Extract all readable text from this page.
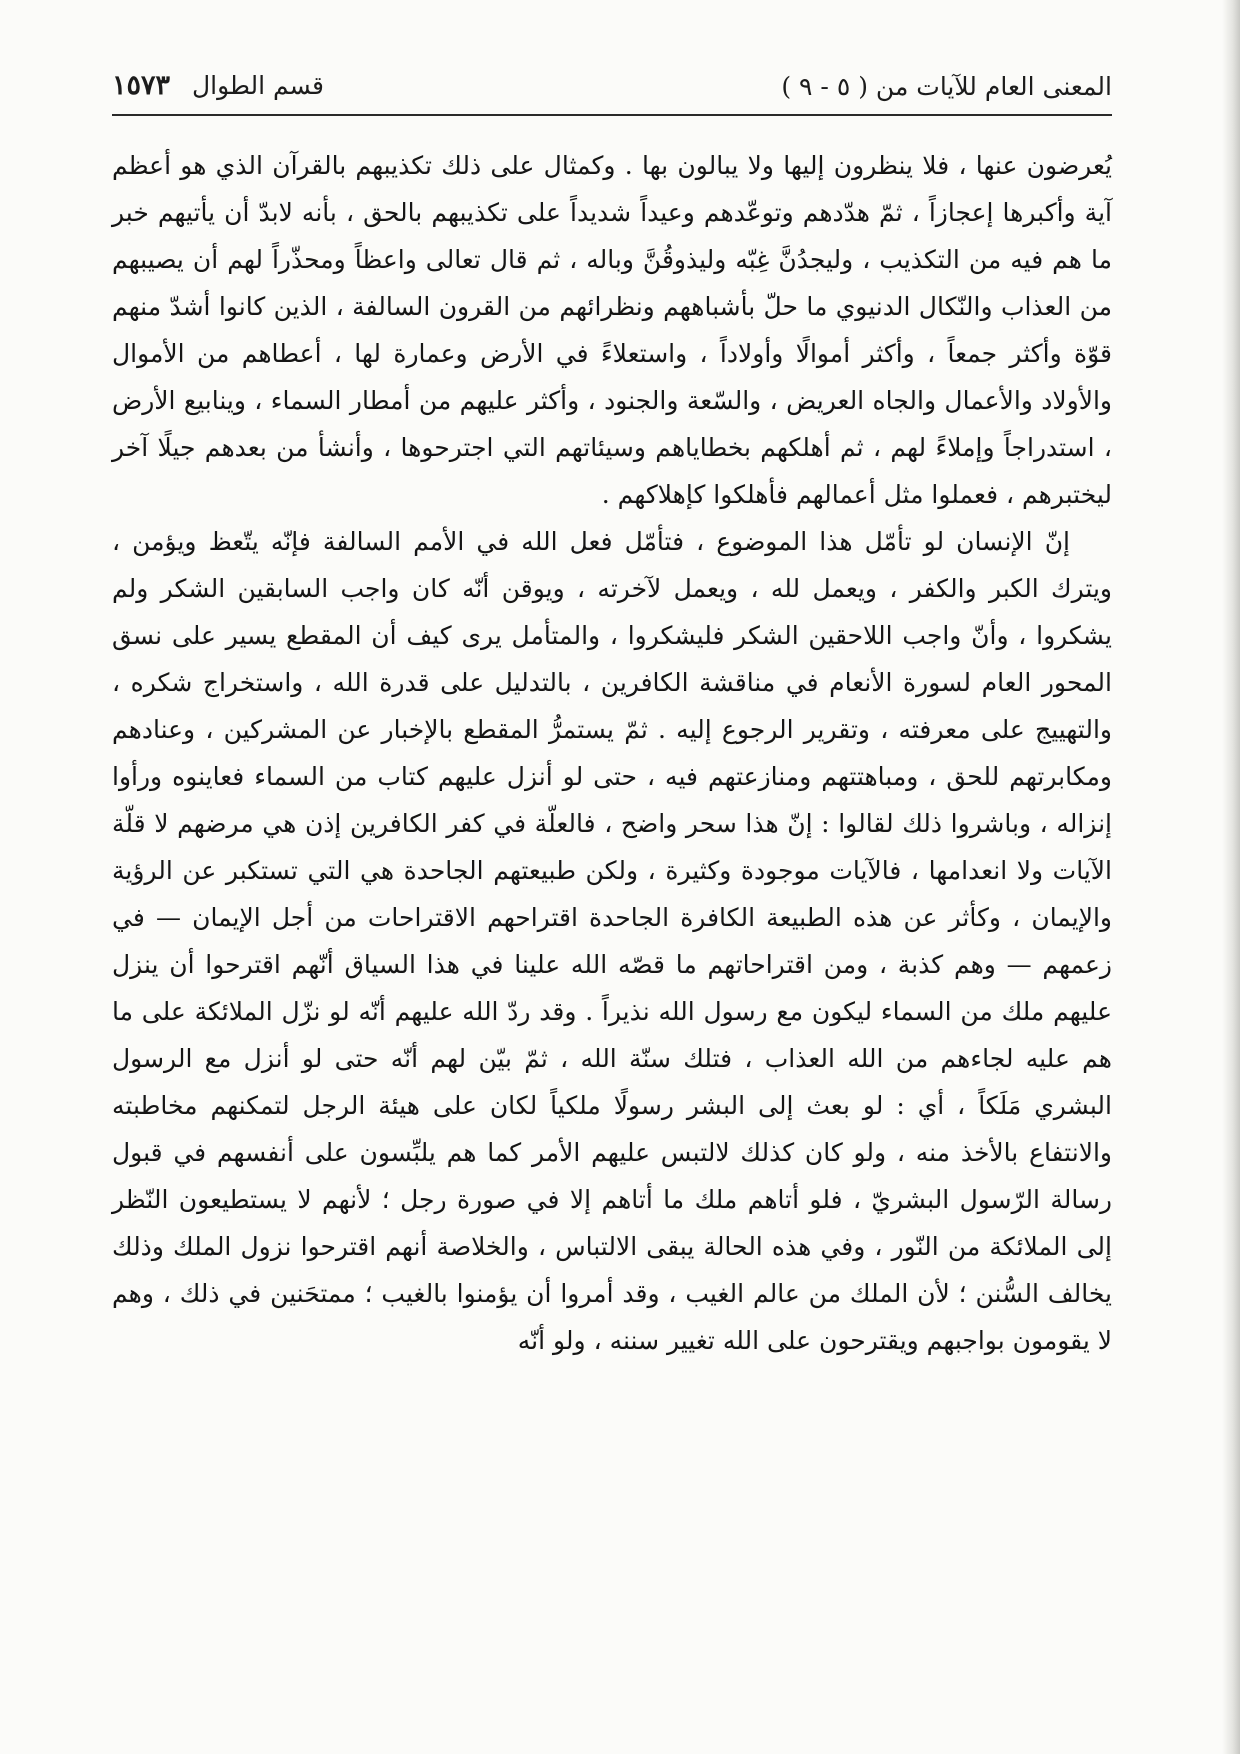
المعنى العام للآيات من ( ٥ - ٩ )
قسم الطوال ١٥٧٣

يُعرضون عنها ، فلا ينظرون إليها ولا يبالون بها . وكمثال على ذلك تكذيبهم بالقرآن الذي هو أعظم آية وأكبرها إعجازاً ، ثمّ هدّدهم وتوعّدهم وعيداً شديداً على تكذيبهم بالحق ، بأنه لابدّ أن يأتيهم خبر ما هم فيه من التكذيب ، وليجدُنَّ غِبّه وليذوقُنَّ وباله ، ثم قال تعالى واعظاً ومحذّراً لهم أن يصيبهم من العذاب والنّكال الدنيوي ما حلّ بأشباههم ونظرائهم من القرون السالفة ، الذين كانوا أشدّ منهم قوّة وأكثر جمعاً ، وأكثر أموالًا وأولاداً ، واستعلاءً في الأرض وعمارة لها ، أعطاهم من الأموال والأولاد والأعمال والجاه العريض ، والسّعة والجنود ، وأكثر عليهم من أمطار السماء ، وينابيع الأرض ، استدراجاً وإملاءً لهم ، ثم أهلكهم بخطاياهم وسيئاتهم التي اجترحوها ، وأنشأ من بعدهم جيلًا آخر ليختبرهم ، فعملوا مثل أعمالهم فأهلكوا كإهلاكهم .

إنّ الإنسان لو تأمّل هذا الموضوع ، فتأمّل فعل الله في الأمم السالفة فإنّه يتّعظ ويؤمن ، ويترك الكبر والكفر ، ويعمل لله ، ويعمل لآخرته ، ويوقن أنّه كان واجب السابقين الشكر ولم يشكروا ، وأنّ واجب اللاحقين الشكر فليشكروا ، والمتأمل يرى كيف أن المقطع يسير على نسق المحور العام لسورة الأنعام في مناقشة الكافرين ، بالتدليل على قدرة الله ، واستخراج شكره ، والتهييج على معرفته ، وتقرير الرجوع إليه . ثمّ يستمرُّ المقطع بالإخبار عن المشركين ، وعنادهم ومكابرتهم للحق ، ومباهتتهم ومنازعتهم فيه ، حتى لو أنزل عليهم كتاب من السماء فعاينوه ورأوا إنزاله ، وباشروا ذلك لقالوا : إنّ هذا سحر واضح ، فالعلّة في كفر الكافرين إذن هي مرضهم لا قلّة الآيات ولا انعدامها ، فالآيات موجودة وكثيرة ، ولكن طبيعتهم الجاحدة هي التي تستكبر عن الرؤية والإيمان ، وكأثر عن هذه الطبيعة الكافرة الجاحدة اقتراحهم الاقتراحات من أجل الإيمان — في زعمهم — وهم كذبة ، ومن اقتراحاتهم ما قصّه الله علينا في هذا السياق أنّهم اقترحوا أن ينزل عليهم ملك من السماء ليكون مع رسول الله نذيراً . وقد ردّ الله عليهم أنّه لو نزّل الملائكة على ما هم عليه لجاءهم من الله العذاب ، فتلك سنّة الله ، ثمّ بيّن لهم أنّه حتى لو أنزل مع الرسول البشري مَلَكاً ، أي : لو بعث إلى البشر رسولًا ملكياً لكان على هيئة الرجل لتمكنهم مخاطبته والانتفاع بالأخذ منه ، ولو كان كذلك لالتبس عليهم الأمر كما هم يلبِّسون على أنفسهم في قبول رسالة الرّسول البشريّ ، فلو أتاهم ملك ما أتاهم إلا في صورة رجل ؛ لأنهم لا يستطيعون النّظر إلى الملائكة من النّور ، وفي هذه الحالة يبقى الالتباس ، والخلاصة أنهم اقترحوا نزول الملك وذلك يخالف السُّنن ؛ لأن الملك من عالم الغيب ، وقد أمروا أن يؤمنوا بالغيب ؛ ممتحَنين في ذلك ، وهم لا يقومون بواجبهم ويقترحون على الله تغيير سننه ، ولو أنّه
